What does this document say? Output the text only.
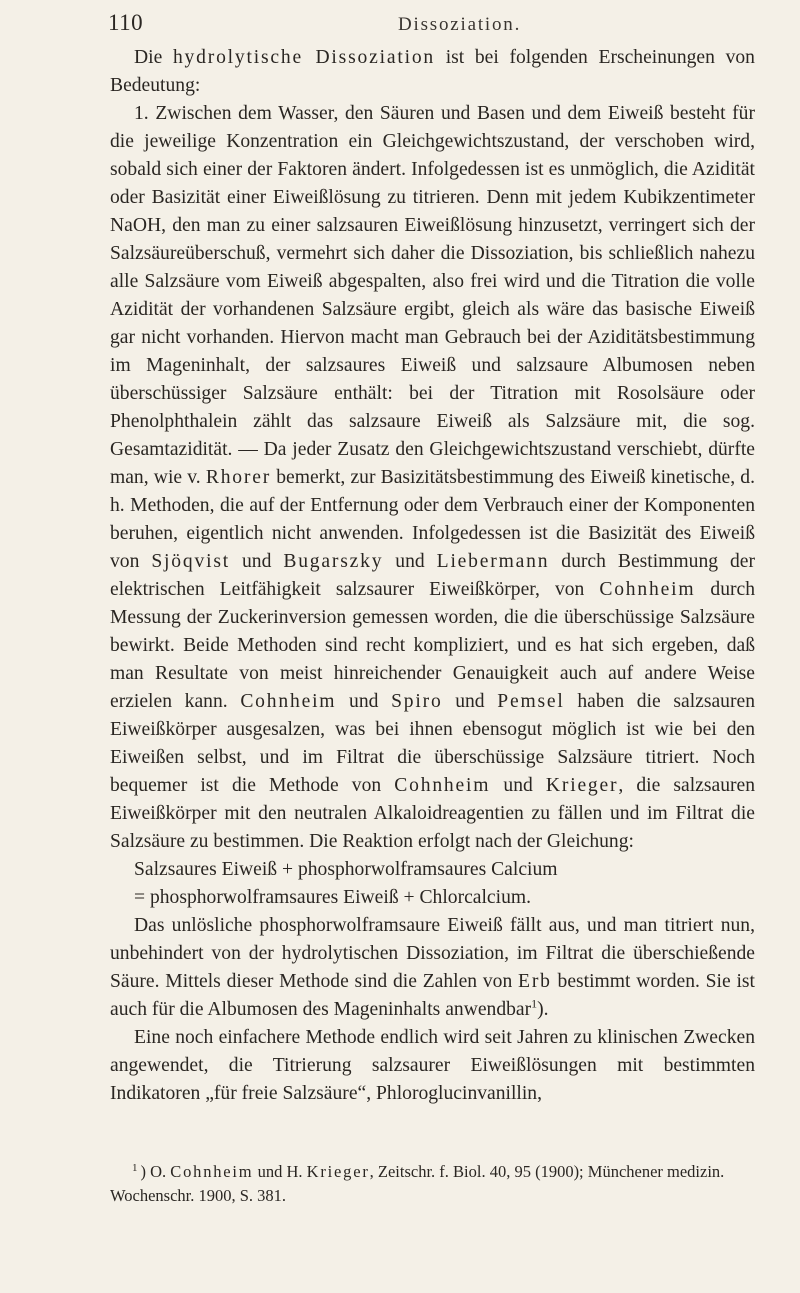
110	Dissoziation.

Die hydrolytische Dissoziation ist bei folgenden Erscheinungen von Bedeutung:

1. Zwischen dem Wasser, den Säuren und Basen und dem Eiweiß besteht für die jeweilige Konzentration ein Gleichgewichtszustand, der verschoben wird, sobald sich einer der Faktoren ändert. Infolgedessen ist es unmöglich, die Azidität oder Basizität einer Eiweißlösung zu titrieren. Denn mit jedem Kubikzentimeter NaOH, den man zu einer salzsauren Eiweißlösung hinzusetzt, verringert sich der Salzsäureüberschuß, vermehrt sich daher die Dissoziation, bis schließlich nahezu alle Salzsäure vom Eiweiß abgespalten, also frei wird und die Titration die volle Azidität der vorhandenen Salzsäure ergibt, gleich als wäre das basische Eiweiß gar nicht vorhanden. Hiervon macht man Gebrauch bei der Aziditätsbestimmung im Mageninhalt, der salzsaures Eiweiß und salzsaure Albumosen neben überschüssiger Salzsäure enthält: bei der Titration mit Rosolsäure oder Phenolphthalein zählt das salzsaure Eiweiß als Salzsäure mit, die sog. Gesamtazidität. — Da jeder Zusatz den Gleichgewichtszustand verschiebt, dürfte man, wie v. Rhorer bemerkt, zur Basizitätsbestimmung des Eiweiß kinetische, d. h. Methoden, die auf der Entfernung oder dem Verbrauch einer der Komponenten beruhen, eigentlich nicht anwenden. Infolgedessen ist die Basizität des Eiweiß von Sjöqvist und Bugarszky und Liebermann durch Bestimmung der elektrischen Leitfähigkeit salzsaurer Eiweißkörper, von Cohnheim durch Messung der Zuckerinversion gemessen worden, die die überschüssige Salzsäure bewirkt. Beide Methoden sind recht kompliziert, und es hat sich ergeben, daß man Resultate von meist hinreichender Genauigkeit auch auf andere Weise erzielen kann. Cohnheim und Spiro und Pemsel haben die salzsauren Eiweißkörper ausgesalzen, was bei ihnen ebensogut möglich ist wie bei den Eiweißen selbst, und im Filtrat die überschüssige Salzsäure titriert. Noch bequemer ist die Methode von Cohnheim und Krieger, die salzsauren Eiweißkörper mit den neutralen Alkaloidreagentien zu fällen und im Filtrat die Salzsäure zu bestimmen. Die Reaktion erfolgt nach der Gleichung:

Salzsaures Eiweiß + phosphorwolframsaures Calcium
= phosphorwolframsaures Eiweiß + Chlorcalcium.

Das unlösliche phosphorwolframsaure Eiweiß fällt aus, und man titriert nun, unbehindert von der hydrolytischen Dissoziation, im Filtrat die überschießende Säure. Mittels dieser Methode sind die Zahlen von Erb bestimmt worden. Sie ist auch für die Albumosen des Mageninhalts anwendbar$^1$).

Eine noch einfachere Methode endlich wird seit Jahren zu klinischen Zwecken angewendet, die Titrierung salzsaurer Eiweißlösungen mit bestimmten Indikatoren „für freie Salzsäure“, Phloroglucinvanillin,

$^1$ ) O. Cohnheim und H. Krieger, Zeitschr. f. Biol. 40, 95 (1900); Münchener medizin. Wochenschr. 1900, S. 381.
